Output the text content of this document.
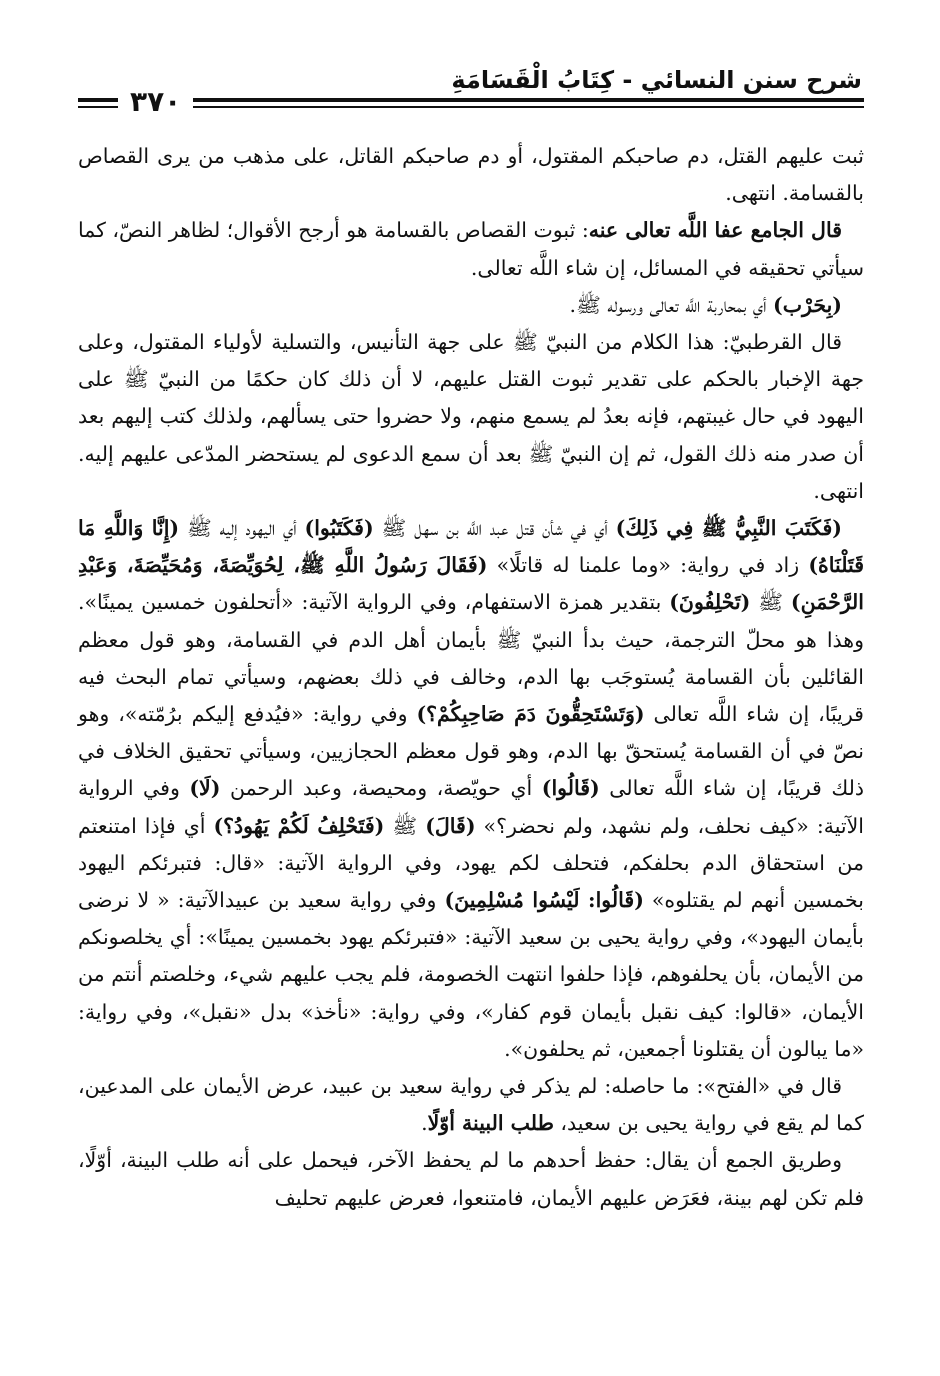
شرح سنن النسائي - كِتَابُ الْقَسَامَةِ
٣٧٠

ثبت عليهم القتل، دم صاحبكم المقتول، أو دم صاحبكم القاتل، على مذهب من يرى القصاص بالقسامة. انتهى.

قال الجامع عفا اللَّه تعالى عنه: ثبوت القصاص بالقسامة هو أرجح الأقوال؛ لظاهر النصّ، كما سيأتي تحقيقه في المسائل، إن شاء اللَّه تعالى.

(بِحَرْب) أي بمحاربة اللَّه تعالى ورسوله ﷺ.

قال القرطبيّ: هذا الكلام من النبيّ ﷺ على جهة التأنيس، والتسلية لأولياء المقتول، وعلى جهة الإخبار بالحكم على تقدير ثبوت القتل عليهم، لا أن ذلك كان حكمًا من النبيّ ﷺ على اليهود في حال غيبتهم، فإنه بعدُ لم يسمع منهم، ولا حضروا حتى يسألهم، ولذلك كتب إليهم بعد أن صدر منه ذلك القول، ثم إن النبيّ ﷺ بعد أن سمع الدعوى لم يستحضر المدّعى عليهم إليه. انتهى.

(فَكَتَبَ النَّبِيُّ ﷺ فِي ذَلِكَ) أي في شأن قتل عبد اللَّه بن سهل ﷺ (فَكَتَبُوا) أي اليهود إليه ﷺ (إِنَّا وَاللَّهِ مَا قَتَلْنَاهُ) زاد في رواية: «وما علمنا له قاتلًا» (فَقَالَ رَسُولُ اللَّهِ ﷺ، لِحُوَيِّصَةَ، وَمُحَيِّصَةَ، وَعَبْدِ الرَّحْمَنِ) ﷺ (تَحْلِفُونَ) بتقدير همزة الاستفهام، وفي الرواية الآتية: «أتحلفون خمسين يمينًا». وهذا هو محلّ الترجمة، حيث بدأ النبيّ ﷺ بأيمان أهل الدم في القسامة، وهو قول معظم القائلين بأن القسامة يُستوجَب بها الدم، وخالف في ذلك بعضهم، وسيأتي تمام البحث فيه قريبًا، إن شاء اللَّه تعالى (وَتَسْتَحِقُّونَ دَمَ صَاحِبِكُمْ؟) وفي رواية: «فيُدفع إليكم برُمّته»، وهو نصّ في أن القسامة يُستحقّ بها الدم، وهو قول معظم الحجازيين، وسيأتي تحقيق الخلاف في ذلك قريبًا، إن شاء اللَّه تعالى (قَالُوا) أي حويّصة، ومحيصة، وعبد الرحمن (لَا) وفي الرواية الآتية: «كيف نحلف، ولم نشهد، ولم نحضر؟» (قَالَ) ﷺ (فَتَحْلِفُ لَكُمْ يَهُودُ؟) أي فإذا امتنعتم من استحقاق الدم بحلفكم، فتحلف لكم يهود، وفي الرواية الآتية: «قال: فتبرئكم اليهود بخمسين أنهم لم يقتلوه» (قَالُوا: لَيْسُوا مُسْلِمِينَ) وفي رواية سعيد بن عبيدالآتية: « لا نرضى بأيمان اليهود»، وفي رواية يحيى بن سعيد الآتية: «فتبرئكم يهود بخمسين يمينًا»: أي يخلصونكم من الأيمان، بأن يحلفوهم، فإذا حلفوا انتهت الخصومة، فلم يجب عليهم شيء، وخلصتم أنتم من الأيمان، «قالوا: كيف نقبل بأيمان قوم كفار»، وفي رواية: «نأخذ» بدل «نقبل»، وفي رواية: «ما يبالون أن يقتلونا أجمعين، ثم يحلفون».

قال في «الفتح»: ما حاصله: لم يذكر في رواية سعيد بن عبيد، عرض الأيمان على المدعين، كما لم يقع في رواية يحيى بن سعيد، طلب البينة أوّلًا.

وطريق الجمع أن يقال: حفظ أحدهم ما لم يحفظ الآخر، فيحمل على أنه طلب البينة، أوّلًا، فلم تكن لهم بينة، فعَرَض عليهم الأيمان، فامتنعوا، فعرض عليهم تحليف
